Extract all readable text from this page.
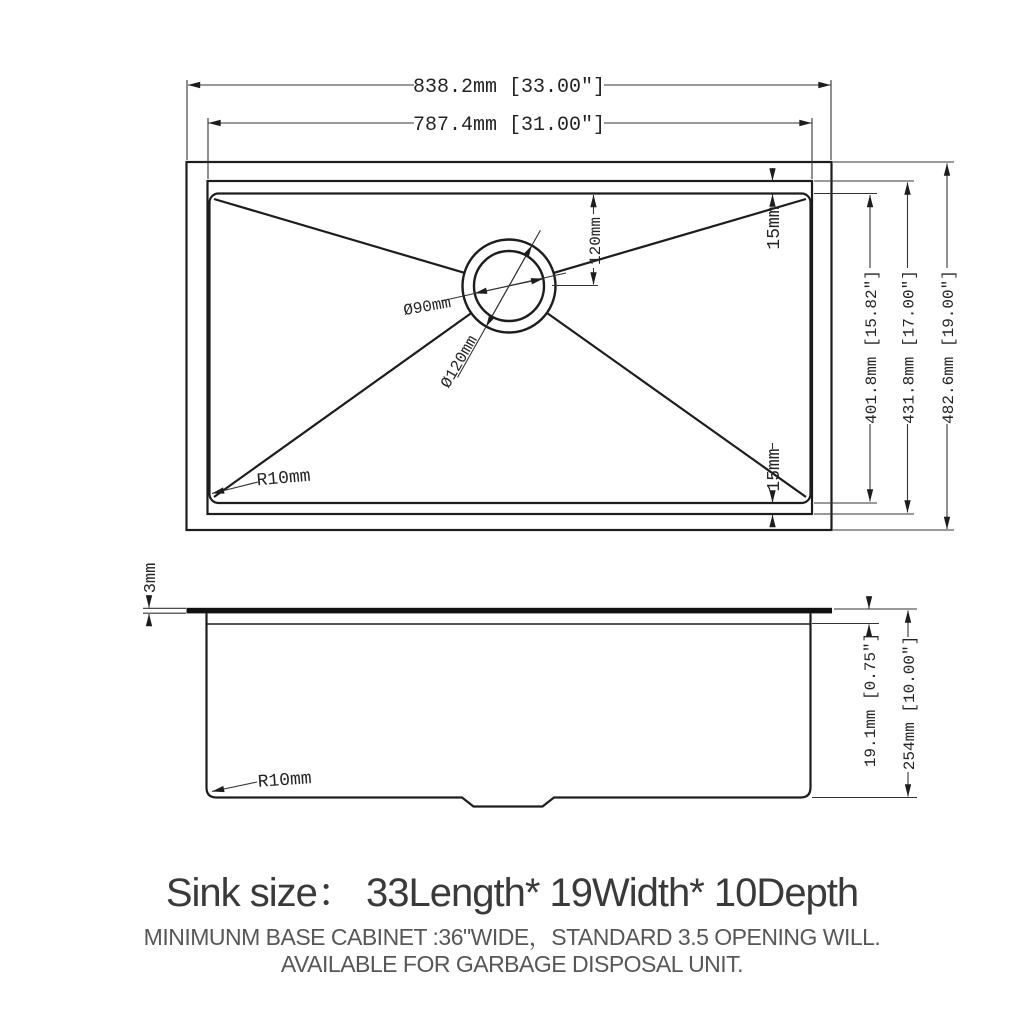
838.2mm [33.00″]
787.4mm [31.00″]
401.8mm [15.82″] 431.8mm [17.00″] 482.6mm [19.00″]
15mm
15mm
120mm
Ø90mm
Ø120mm
R10mm
3mm
19.1mm [0.75″] 254mm [10.00″]
R10mm
Sink size： 33Length* 19Width* 10Depth
MINIMUNM BASE CABINET :36"WIDE，STANDARD 3.5 OPENING WILL.
AVAILABLE FOR GARBAGE DISPOSAL UNIT.
